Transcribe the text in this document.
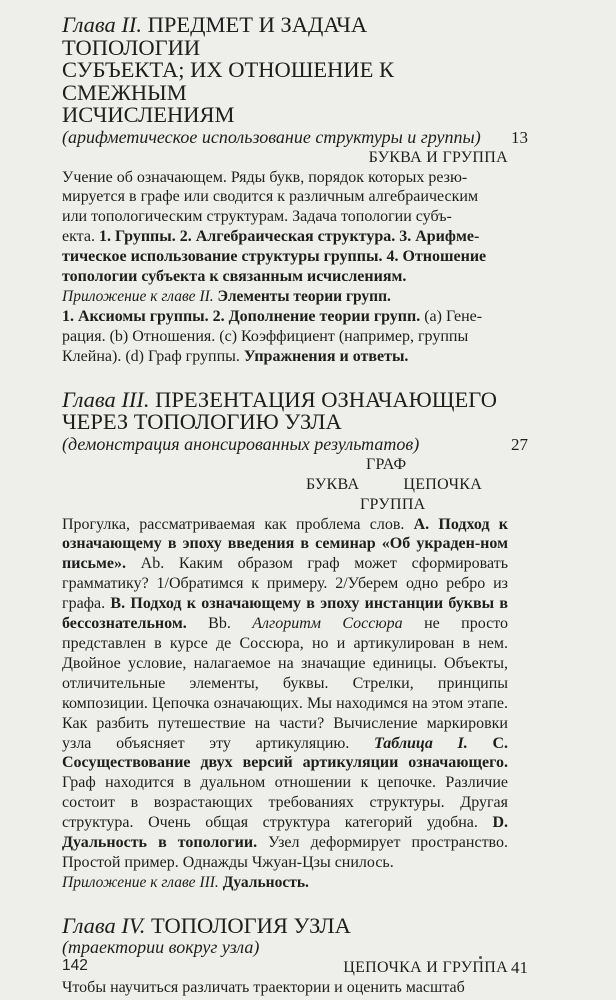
Глава II. ПРЕДМЕТ И ЗАДАЧА ТОПОЛОГИИ
СУБЪЕКТА; ИХ ОТНОШЕНИЕ К СМЕЖНЫМ
ИСЧИСЛЕНИЯМ
(арифметическое использование структуры и группы) 13
БУКВА И ГРУППА

Учение об означающем. Ряды букв, порядок которых резю-
мируется в графе или сводится к различным алгебраическим
или топологическим структурам. Задача топологии субъ-
екта. 1. Группы. 2. Алгебраическая структура. 3. Арифме-
тическое использование структуры группы. 4. Отношение
топологии субъекта к связанным исчислениям.

Приложение к главе II. Элементы теории групп.

1. Аксиомы группы. 2. Дополнение теории групп. (a) Гене-
рация. (b) Отношения. (c) Коэффициент (например, группы
Клейна). (d) Граф группы. Упражнения и ответы.

Глава III. ПРЕЗЕНТАЦИЯ ОЗНАЧАЮЩЕГО
ЧЕРЕЗ ТОПОЛОГИЮ УЗЛА
(демонстрация анонсированных результатов)	27
ГРАФ
БУКВА	ЦЕПОЧКА
ГРУППА

Прогулка, рассматриваемая как проблема слов. A. Подход к означающему в эпоху введения в семинар «Об украден-ном письме». Ab. Каким образом граф может сформировать грамматику? 1/Обратимся к примеру. 2/Уберем одно ребро из графа. B. Подход к означающему в эпоху инстанции буквы в бессознательном. Bb. Алгоритм Соссюра не просто представлен в курсе де Соссюра, но и артикулирован в нем. Двойное условие, налагаемое на значащие единицы. Объекты, отличительные элементы, буквы. Стрелки, принципы композиции. Цепочка означающих. Мы находимся на этом этапе. Как разбить путешествие на части? Вычисление маркировки узла объясняет эту артикуляцию. Таблица I. C. Сосуществование двух версий артикуляции означающего. Граф находится в дуальном отношении к цепочке. Различие состоит в возрастающих требованиях структуры. Другая структура. Очень общая структура категорий удобна. D. Дуальность в топологии. Узел деформирует пространство. Простой пример. Однажды Чжуан-Цзы снилось.

Приложение к главе III. Дуальность.

Глава IV. ТОПОЛОГИЯ УЗЛА
(траектории вокруг узла)
41
ЦЕПОЧКА И ГРУППА

Чтобы научиться различать траектории и оценить масштаб

142
